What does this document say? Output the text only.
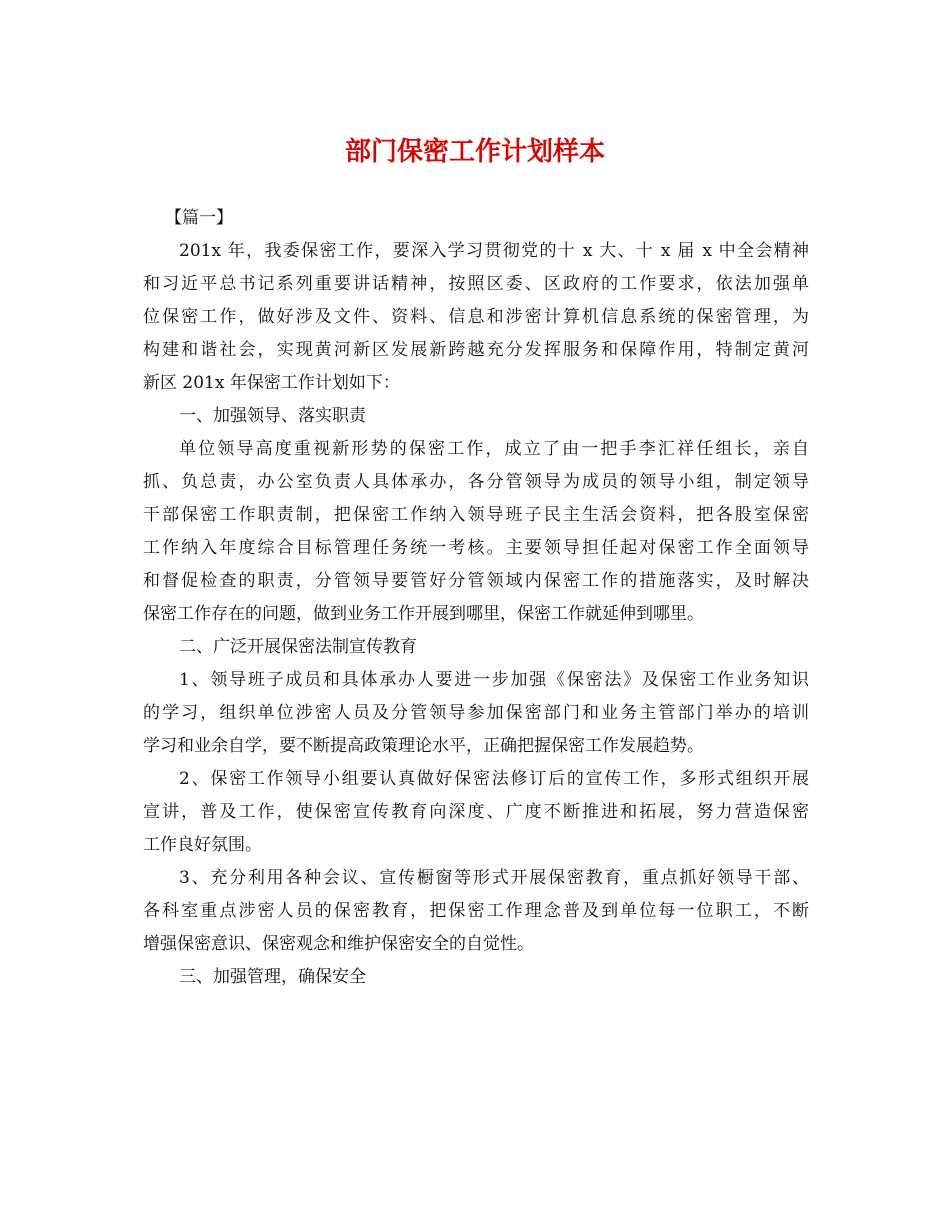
部门保密工作计划样本

【篇一】

201x 年，我委保密工作，要深入学习贯彻党的十 x 大、十 x 届 x 中全会精神
和习近平总书记系列重要讲话精神，按照区委、区政府的工作要求，依法加强单
位保密工作，做好涉及文件、资料、信息和涉密计算机信息系统的保密管理，为
构建和谐社会，实现黄河新区发展新跨越充分发挥服务和保障作用，特制定黄河
新区 201x 年保密工作计划如下：

一、加强领导、落实职责

单位领导高度重视新形势的保密工作，成立了由一把手李汇祥任组长，亲自
抓、负总责，办公室负责人具体承办，各分管领导为成员的领导小组，制定领导
干部保密工作职责制，把保密工作纳入领导班子民主生活会资料，把各股室保密
工作纳入年度综合目标管理任务统一考核。主要领导担任起对保密工作全面领导
和督促检查的职责，分管领导要管好分管领域内保密工作的措施落实，及时解决
保密工作存在的问题，做到业务工作开展到哪里，保密工作就延伸到哪里。

二、广泛开展保密法制宣传教育

1、领导班子成员和具体承办人要进一步加强《保密法》及保密工作业务知识
的学习，组织单位涉密人员及分管领导参加保密部门和业务主管部门举办的培训
学习和业余自学，要不断提高政策理论水平，正确把握保密工作发展趋势。
2、保密工作领导小组要认真做好保密法修订后的宣传工作，多形式组织开展
宣讲，普及工作，使保密宣传教育向深度、广度不断推进和拓展，努力营造保密
工作良好氛围。
3、充分利用各种会议、宣传橱窗等形式开展保密教育，重点抓好领导干部、
各科室重点涉密人员的保密教育，把保密工作理念普及到单位每一位职工，不断
增强保密意识、保密观念和维护保密安全的自觉性。

三、加强管理，确保安全
